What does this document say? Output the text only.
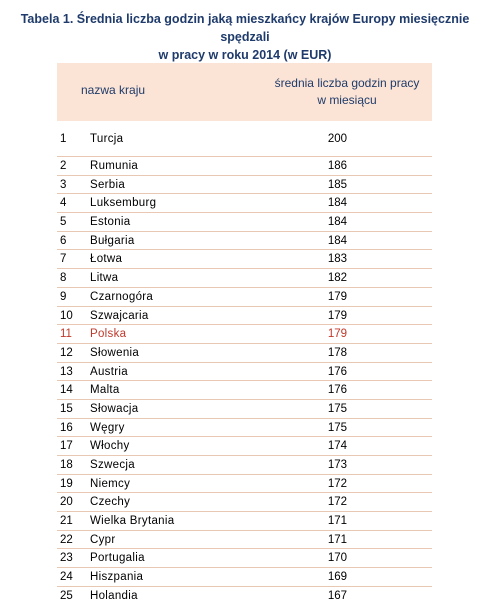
Tabela 1. Średnia liczba godzin jaką mieszkańcy krajów Europy miesięcznie spędzali
w pracy w roku 2014 (w EUR)
nazwa kraju	średnia liczba godzin pracy
w miesiącu
1 Turcja	200
2 Rumunia	186
3 Serbia	185
4 Luksemburg	184
5 Estonia	184
6 Bułgaria	184
7 Łotwa	183
8 Litwa	182
9 Czarnogóra	179
10 Szwajcaria	179
11 Polska	179
12 Słowenia	178
13 Austria	176
14 Malta	176
15 Słowacja	175
16 Węgry	175
17 Włochy	174
18 Szwecja	173
19 Niemcy	172
20 Czechy	172
21 Wielka Brytania	171
22 Cypr	171
23 Portugalia	170
24 Hiszpania	169
25 Holandia	167
